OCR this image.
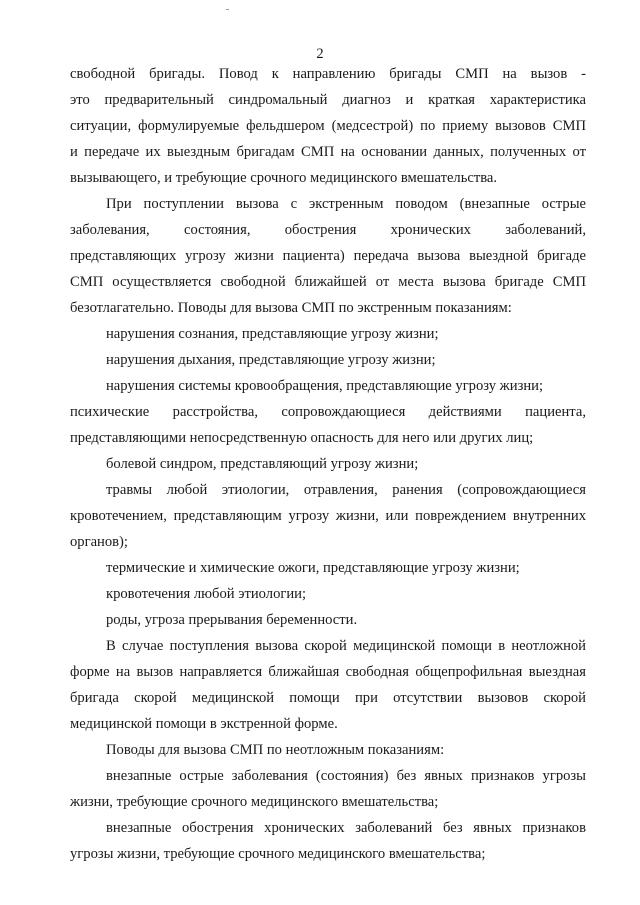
2
свободной бригады. Повод к направлению бригады СМП на вызов -
это предварительный синдромальный диагноз и краткая характеристика
ситуации, формулируемые фельдшером (медсестрой) по приему вызовов СМП
и передаче их выездным бригадам СМП на основании данных, полученных от
вызывающего, и требующие срочного медицинского вмешательства.
При поступлении вызова с экстренным поводом (внезапные острые
заболевания, состояния, обострения хронических заболеваний,
представляющих угрозу жизни пациента) передача вызова выездной бригаде
СМП осуществляется свободной ближайшей от места вызова бригаде СМП
безотлагательно. Поводы для вызова СМП по экстренным показаниям:
нарушения сознания, представляющие угрозу жизни;
нарушения дыхания, представляющие угрозу жизни;
нарушения системы кровообращения, представляющие угрозу жизни;
психические расстройства, сопровождающиеся действиями пациента,
представляющими непосредственную опасность для него или других лиц;
болевой синдром, представляющий угрозу жизни;
травмы любой этиологии, отравления, ранения (сопровождающиеся
кровотечением, представляющим угрозу жизни, или повреждением внутренних
органов);
термические и химические ожоги, представляющие угрозу жизни;
кровотечения любой этиологии;
роды, угроза прерывания беременности.
В случае поступления вызова скорой медицинской помощи в неотложной
форме на вызов направляется ближайшая свободная общепрофильная выездная
бригада скорой медицинской помощи при отсутствии вызовов скорой
медицинской помощи в экстренной форме.
Поводы для вызова СМП по неотложным показаниям:
внезапные острые заболевания (состояния) без явных признаков угрозы
жизни, требующие срочного медицинского вмешательства;
внезапные обострения хронических заболеваний без явных признаков
угрозы жизни, требующие срочного медицинского вмешательства;
